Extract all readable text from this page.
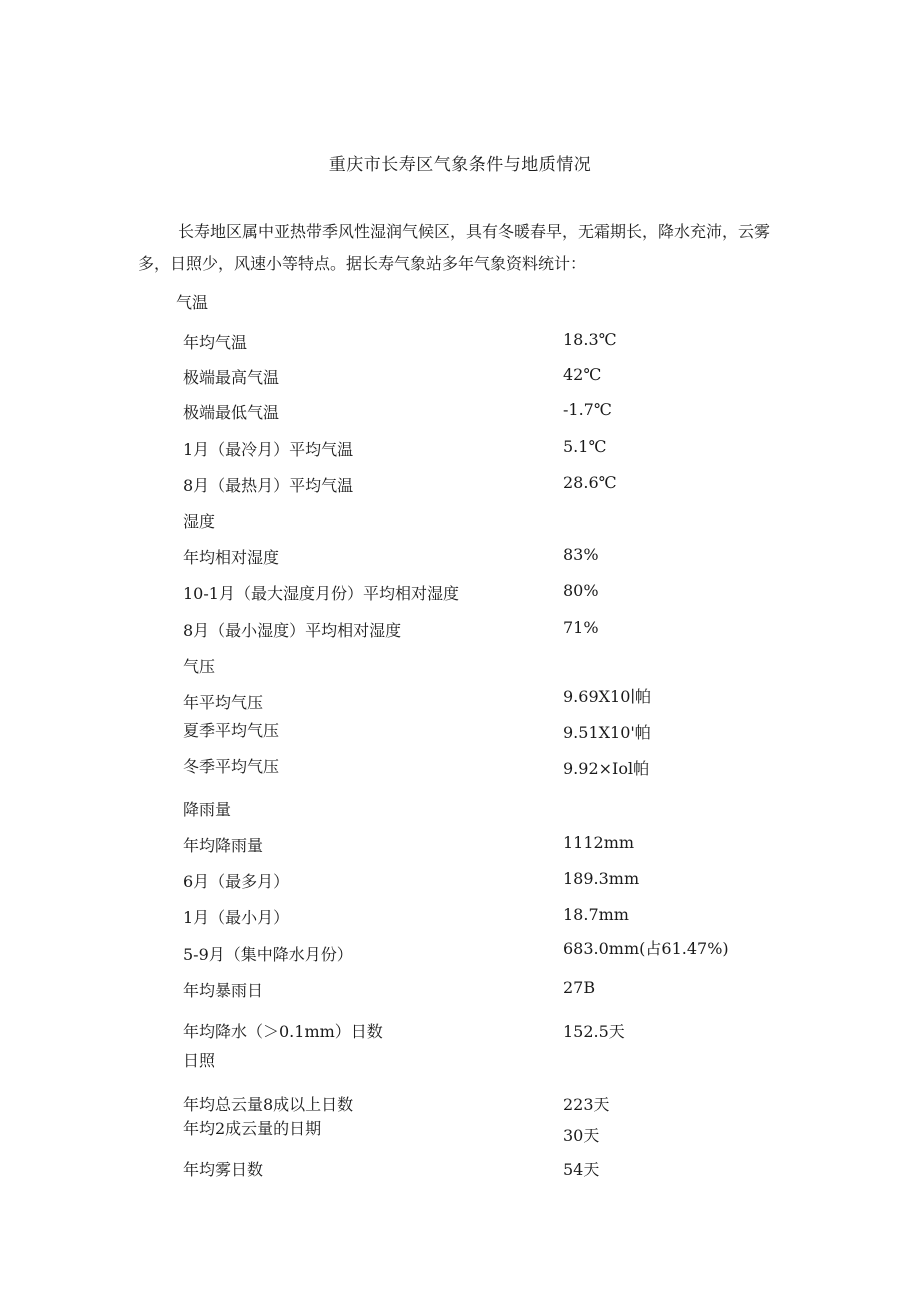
重庆市长寿区气象条件与地质情况
长寿地区属中亚热带季风性湿润气候区，具有冬暖春早，无霜期长，降水充沛，云雾多，日照少，风速小等特点。据长寿气象站多年气象资料统计：
气温
年均气温	18.3℃
极端最高气温	42℃
极端最低气温	-1.7℃
1月（最冷月）平均气温	5.1℃
8月（最热月）平均气温	28.6℃
湿度
年均相对湿度	83%
10-1月（最大湿度月份）平均相对湿度	80%
8月（最小湿度）平均相对湿度	71%
气压
年平均气压	9.69X10∣帕
夏季平均气压	9.51X10'帕
冬季平均气压	9.92×Iol帕
降雨量
年均降雨量	1112mm
6月（最多月）	189.3mm
1月（最小月）	18.7mm
5-9月（集中降水月份）	683.0mm(占61.47%)
年均暴雨日	27B
年均降水（＞0.1mm）日数	152.5天
日照
年均总云量8成以上日数	223天
年均2成云量的日期	30天
年均雾日数	54天
